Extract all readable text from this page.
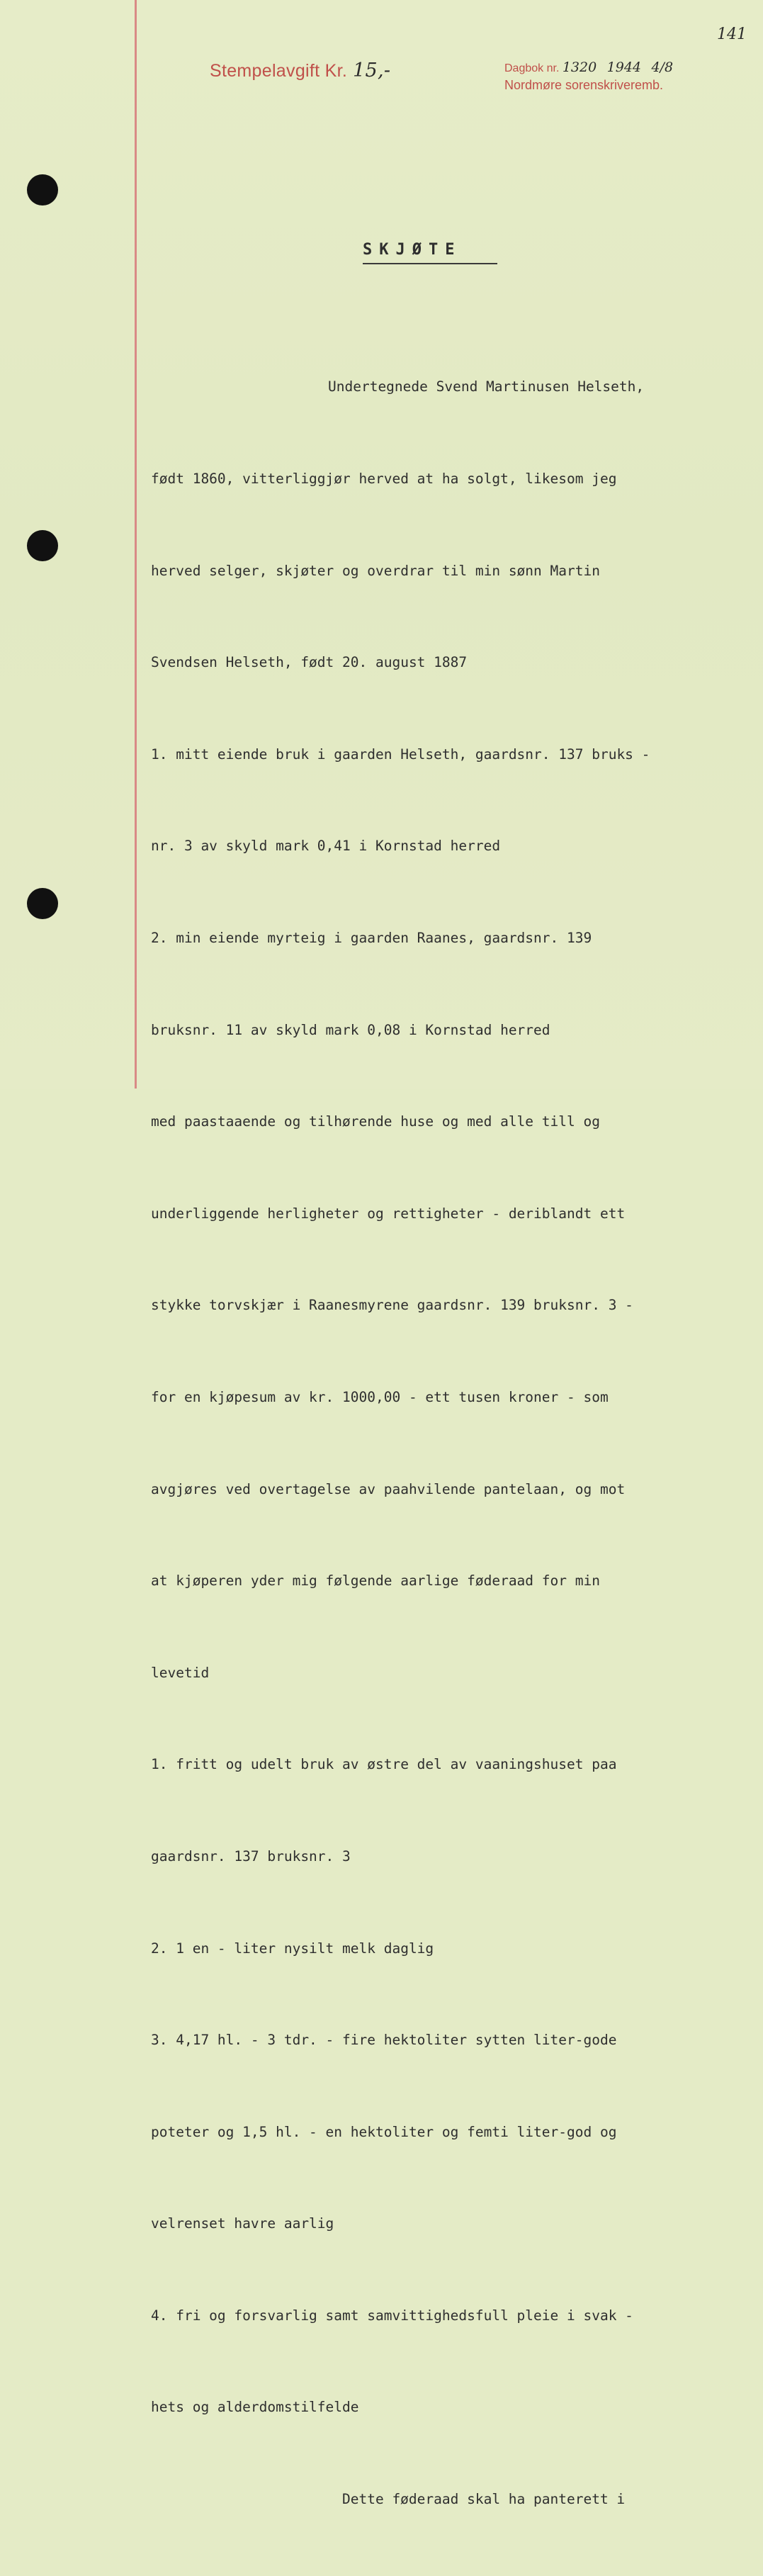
141
Stempelavgift Kr. 15,-	Dagbok nr. 1320 1944 4/8
Nordmøre sorenskriveremb.
SKJØTE

Undertegnede Svend Martinusen Helseth,

født 1860, vitterliggjør herved at ha solgt, likesom jeg

herved selger, skjøter og overdrar til min sønn Martin

Svendsen Helseth, født 20. august 1887

1. mitt eiende bruk i gaarden Helseth, gaardsnr. 137 bruks -

nr. 3 av skyld mark 0,41 i Kornstad herred

2. min eiende myrteig i gaarden Raanes, gaardsnr. 139

bruksnr. 11 av skyld mark 0,08 i Kornstad herred

med paastaaende og tilhørende huse og med alle till og

underliggende herligheter og rettigheter - deriblandt ett

stykke torvskjær i Raanesmyrene gaardsnr. 139 bruksnr. 3 -

for en kjøpesum av kr. 1000,00 - ett tusen kroner - som

avgjøres ved overtagelse av paahvilende pantelaan, og mot

at kjøperen yder mig følgende aarlige føderaad for min

levetid

1. fritt og udelt bruk av østre del av vaaningshuset paa

gaardsnr. 137 bruksnr. 3

2. 1 en - liter nysilt melk daglig

3. 4,17 hl. - 3 tdr. - fire hektoliter sytten liter-gode

poteter og 1,5 hl. - en hektoliter og femti liter-god og

velrenset havre aarlig

4. fri og forsvarlig samt samvittighedsfull pleie i svak -

hets og alderdomstilfelde

Dette føderaad skal ha panterett i
